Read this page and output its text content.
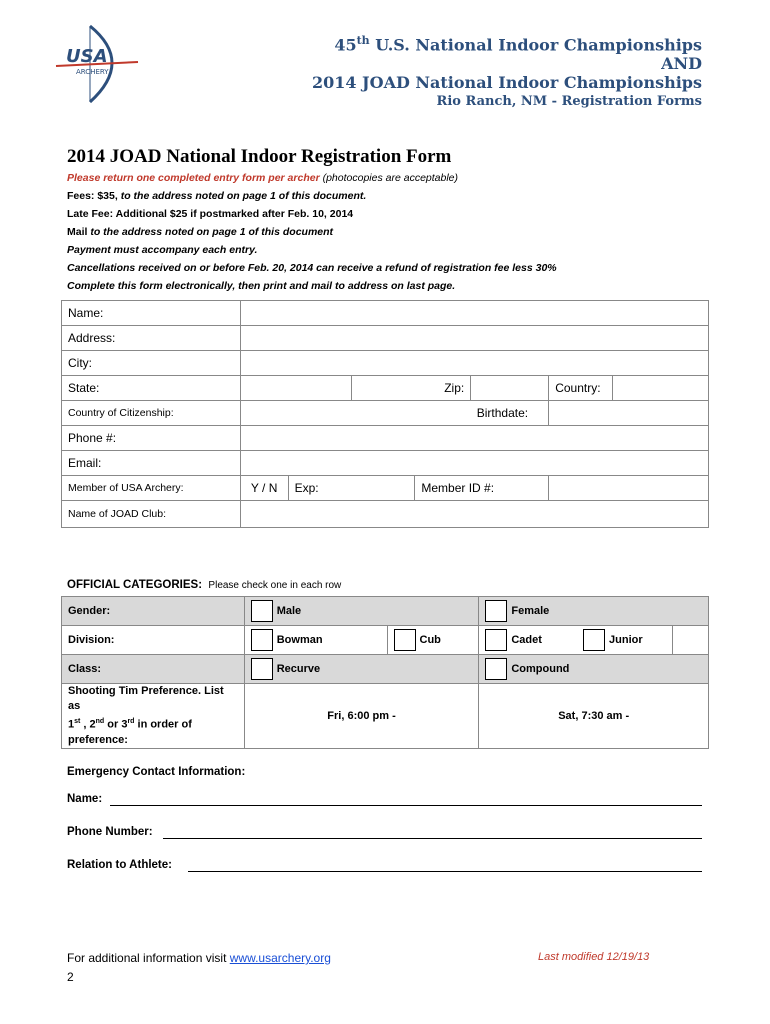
USA
ARCHERY
45th U.S. National Indoor Championships
AND
2014 JOAD National Indoor Championships
Rio Ranch, NM - Registration Forms
2014 JOAD National Indoor Registration Form
Please return one completed entry form per archer (photocopies are acceptable)
Fees: $35, to the address noted on page 1 of this document.
Late Fee: Additional $25 if postmarked after Feb. 10, 2014
Mail to the address noted on page 1 of this document
Payment must accompany each entry.
Cancellations received on or before Feb. 20, 2014 can receive a refund of registration fee less 30%
Complete this form electronically, then print and mail to address on last page.
Name:							
Address:							
City:							
State:			Zip:			Country:	
Country of Citizenship:					Birthdate:		
Phone #:							
Email:							
Member of USA Archery:	Y / N	Exp:		Member ID #:			
Name of JOAD Club:							
OFFICIAL CATEGORIES: Please check one in each row
Gender:	Male		Female	
Division:	Bowman	Cub	Cadet	Junior
Class:	Recurve		Compound	
Shooting Tim Preference. List as
1st , 2nd or 3rd in order of
preference:	Fri, 6:00 pm -		Sat, 7:30 am -	
Emergency Contact Information:
Name:
Phone Number:
Relation to Athlete:
For additional information visit www.usarchery.org	Last modified 12/19/13
2
